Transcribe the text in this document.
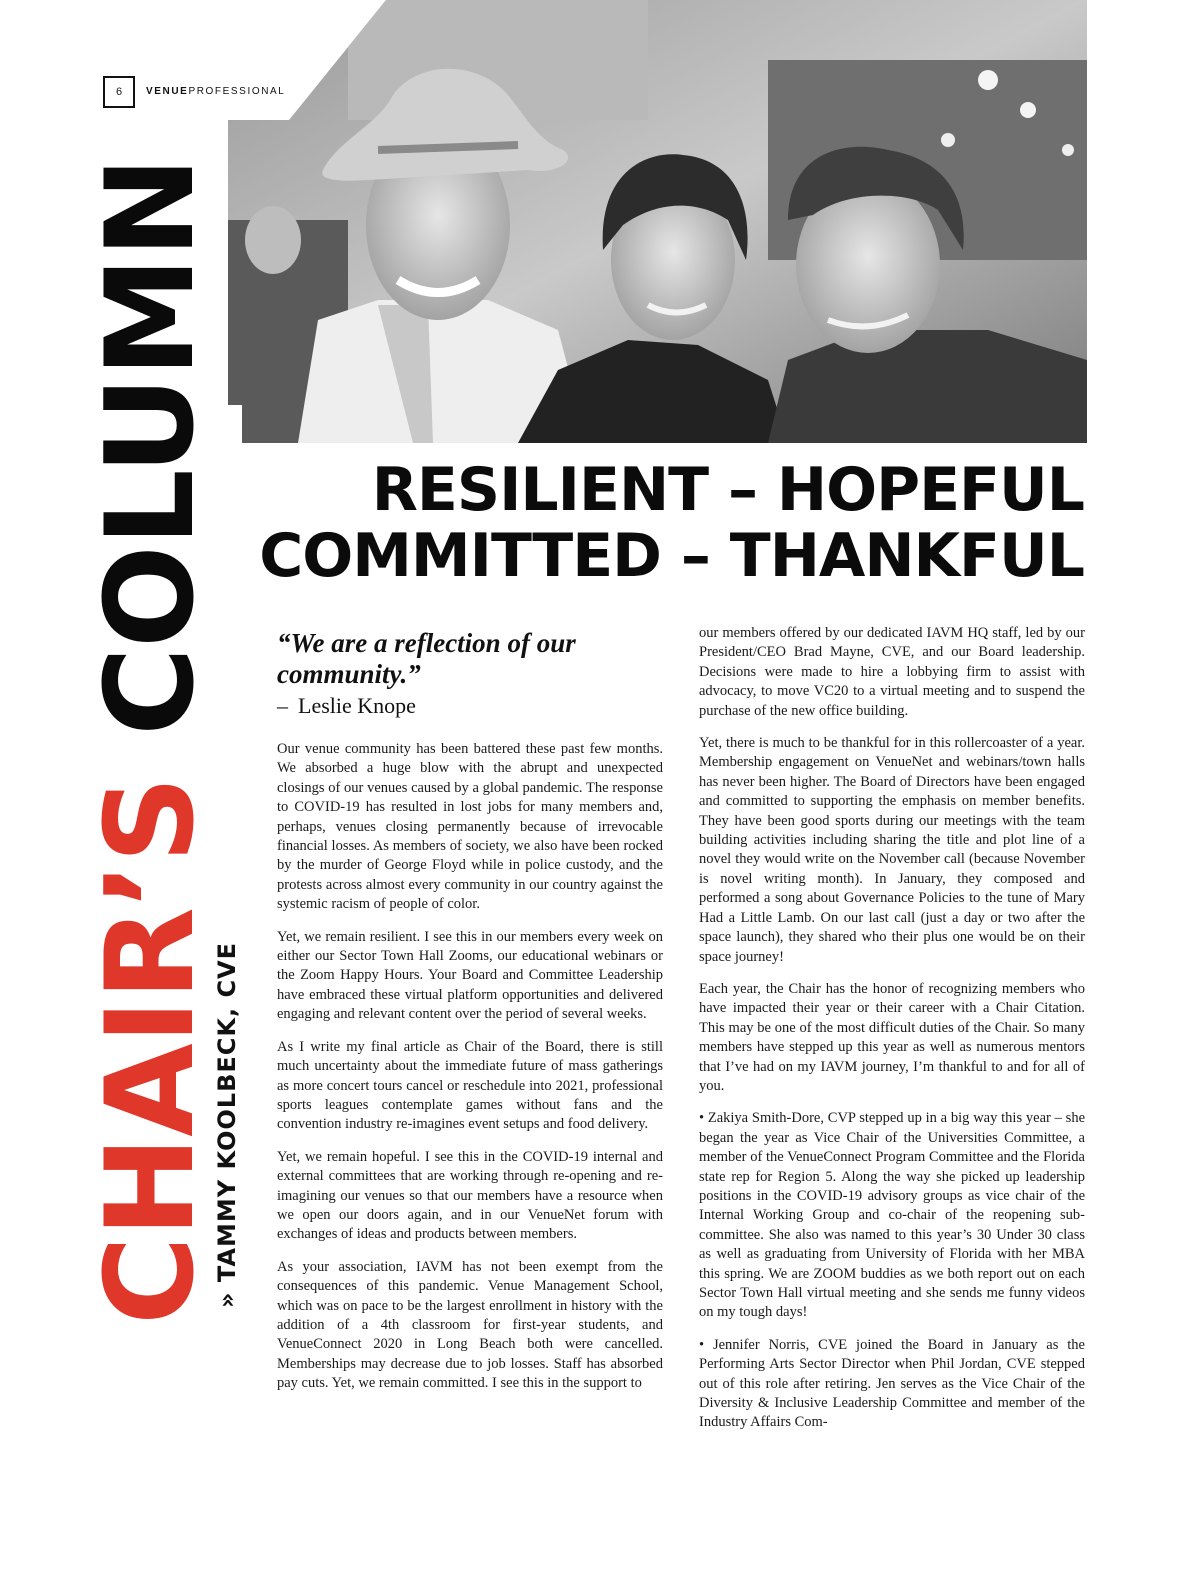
6	VENUEPROFESSIONAL
CHAIR’S COLUMN
» TAMMY KOOLBECK, CVE
RESILIENT – HOPEFUL
COMMITTED – THANKFUL
“We are a reflection of our community.”
– Leslie Knope

Our venue community has been battered these past few months. We absorbed a huge blow with the abrupt and unexpected closings of our venues caused by a global pandemic. The response to COVID-19 has resulted in lost jobs for many members and, perhaps, venues closing permanently because of irrevocable financial losses. As members of society, we also have been rocked by the murder of George Floyd while in police custody, and the protests across almost every community in our country against the systemic racism of people of color.

Yet, we remain resilient. I see this in our members every week on either our Sector Town Hall Zooms, our educational webinars or the Zoom Happy Hours. Your Board and Committee Leadership have embraced these virtual platform opportunities and delivered engaging and relevant content over the period of several weeks.

As I write my final article as Chair of the Board, there is still much uncertainty about the immediate future of mass gatherings as more concert tours cancel or reschedule into 2021, professional sports leagues contemplate games without fans and the convention industry re-imagines event setups and food delivery.

Yet, we remain hopeful. I see this in the COVID-19 internal and external committees that are working through re-opening and re-imagining our venues so that our members have a resource when we open our doors again, and in our VenueNet forum with exchanges of ideas and products between members.

As your association, IAVM has not been exempt from the consequences of this pandemic. Venue Management School, which was on pace to be the largest enrollment in history with the addition of a 4th classroom for first-year students, and VenueConnect 2020 in Long Beach both were cancelled. Memberships may decrease due to job losses. Staff has absorbed pay cuts. Yet, we remain committed. I see this in the support to

our members offered by our dedicated IAVM HQ staff, led by our President/CEO Brad Mayne, CVE, and our Board leadership. Decisions were made to hire a lobbying firm to assist with advocacy, to move VC20 to a virtual meeting and to suspend the purchase of the new office building.

Yet, there is much to be thankful for in this rollercoaster of a year. Membership engagement on VenueNet and webinars/town halls has never been higher. The Board of Directors have been engaged and committed to supporting the emphasis on member benefits. They have been good sports during our meetings with the team building activities including sharing the title and plot line of a novel they would write on the November call (because November is novel writing month). In January, they composed and performed a song about Governance Policies to the tune of Mary Had a Little Lamb. On our last call (just a day or two after the space launch), they shared who their plus one would be on their space journey!

Each year, the Chair has the honor of recognizing members who have impacted their year or their career with a Chair Citation. This may be one of the most difficult duties of the Chair. So many members have stepped up this year as well as numerous mentors that I’ve had on my IAVM journey, I’m thankful to and for all of you.

• Zakiya Smith-Dore, CVP stepped up in a big way this year – she began the year as Vice Chair of the Universities Committee, a member of the VenueConnect Program Committee and the Florida state rep for Region 5. Along the way she picked up leadership positions in the COVID-19 advisory groups as vice chair of the Internal Working Group and co-chair of the reopening sub-committee. She also was named to this year’s 30 Under 30 class as well as graduating from University of Florida with her MBA this spring. We are ZOOM buddies as we both report out on each Sector Town Hall virtual meeting and she sends me funny videos on my tough days!

• Jennifer Norris, CVE joined the Board in January as the Performing Arts Sector Director when Phil Jordan, CVE stepped out of this role after retiring. Jen serves as the Vice Chair of the Diversity & Inclusive Leadership Committee and member of the Industry Affairs Com-
